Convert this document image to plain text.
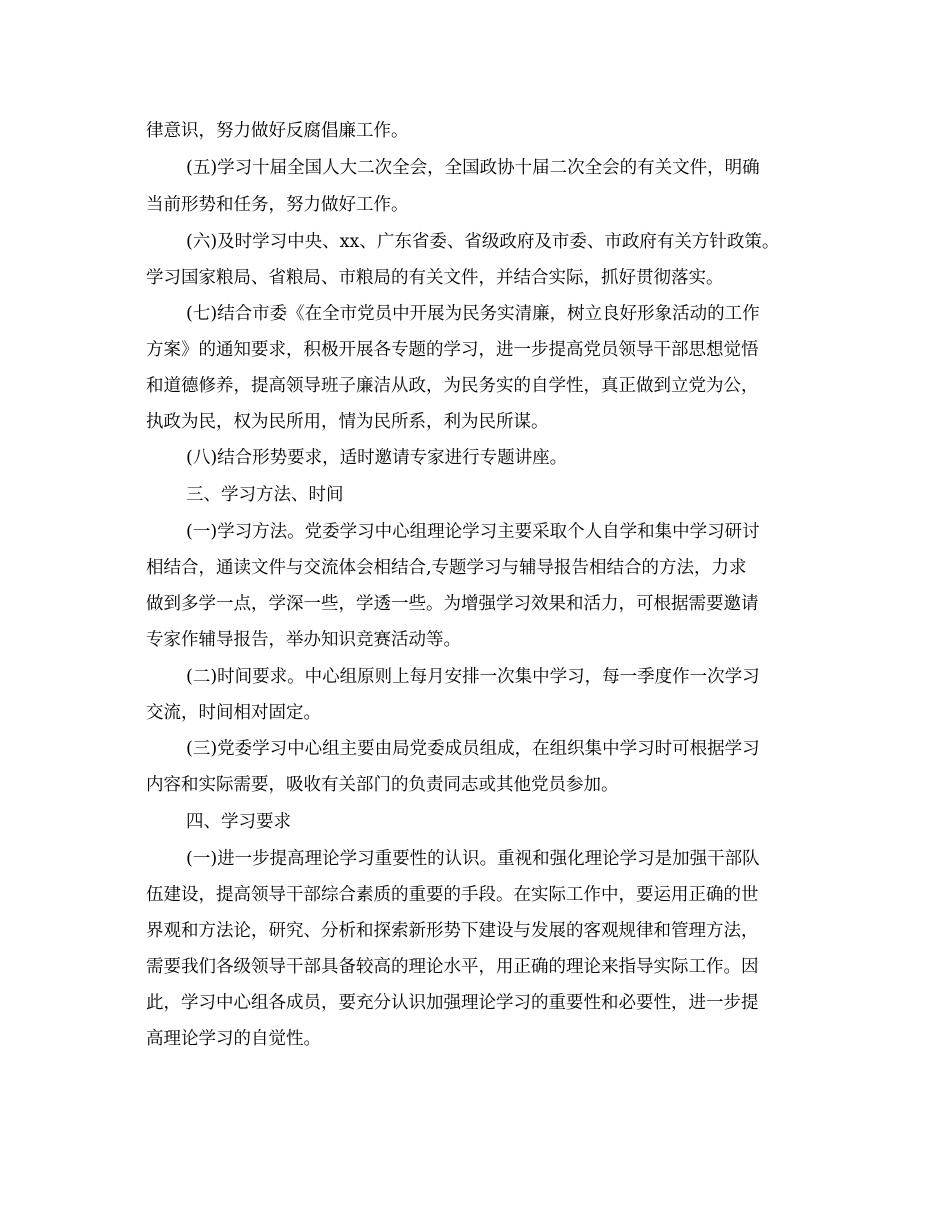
律意识，努力做好反腐倡廉工作。
(五)学习十届全国人大二次全会，全国政协十届二次全会的有关文件，明确
当前形势和任务，努力做好工作。
(六)及时学习中央、xx、广东省委、省级政府及市委、市政府有关方针政策。
学习国家粮局、省粮局、市粮局的有关文件，并结合实际，抓好贯彻落实。
(七)结合市委《在全市党员中开展为民务实清廉，树立良好形象活动的工作
方案》的通知要求，积极开展各专题的学习，进一步提高党员领导干部思想觉悟
和道德修养，提高领导班子廉洁从政，为民务实的自学性，真正做到立党为公，
执政为民，权为民所用，情为民所系，利为民所谋。
(八)结合形势要求，适时邀请专家进行专题讲座。
三、学习方法、时间
(一)学习方法。党委学习中心组理论学习主要采取个人自学和集中学习研讨
相结合，通读文件与交流体会相结合,专题学习与辅导报告相结合的方法，力求
做到多学一点，学深一些，学透一些。为增强学习效果和活力，可根据需要邀请
专家作辅导报告，举办知识竞赛活动等。
(二)时间要求。中心组原则上每月安排一次集中学习，每一季度作一次学习
交流，时间相对固定。
(三)党委学习中心组主要由局党委成员组成，在组织集中学习时可根据学习
内容和实际需要，吸收有关部门的负责同志或其他党员参加。
四、学习要求
(一)进一步提高理论学习重要性的认识。重视和强化理论学习是加强干部队
伍建设，提高领导干部综合素质的重要的手段。在实际工作中，要运用正确的世
界观和方法论，研究、分析和探索新形势下建设与发展的客观规律和管理方法，
需要我们各级领导干部具备较高的理论水平，用正确的理论来指导实际工作。因
此，学习中心组各成员，要充分认识加强理论学习的重要性和必要性，进一步提
高理论学习的自觉性。
